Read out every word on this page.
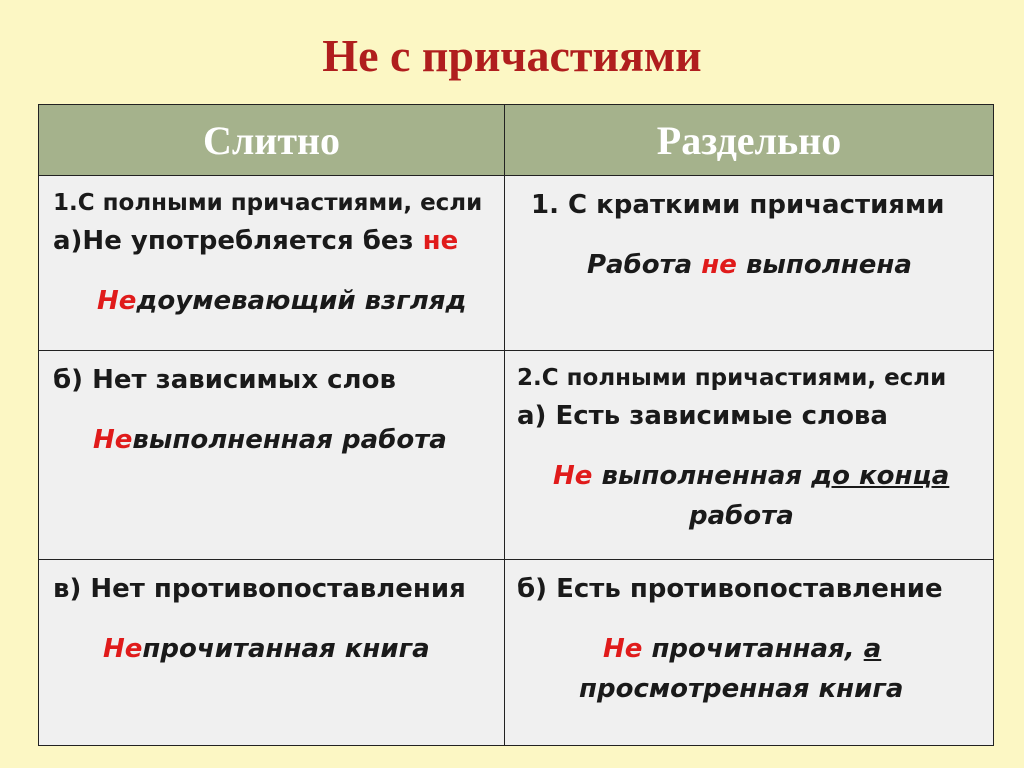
Не с причастиями
Слитно	Раздельно
1.С полными причастиями, если
а)Не употребляется без не
Недоумевающий взгляд
б) Нет зависимых слов
Невыполненная работа
в) Нет противопоставления
Непрочитанная книга
1. С краткими причастиями
Работа не выполнена
2.С полными причастиями, если
а) Есть зависимые слова
Не выполненная до конца
работа
б) Есть противопоставление
Не прочитанная, а
просмотренная книга
